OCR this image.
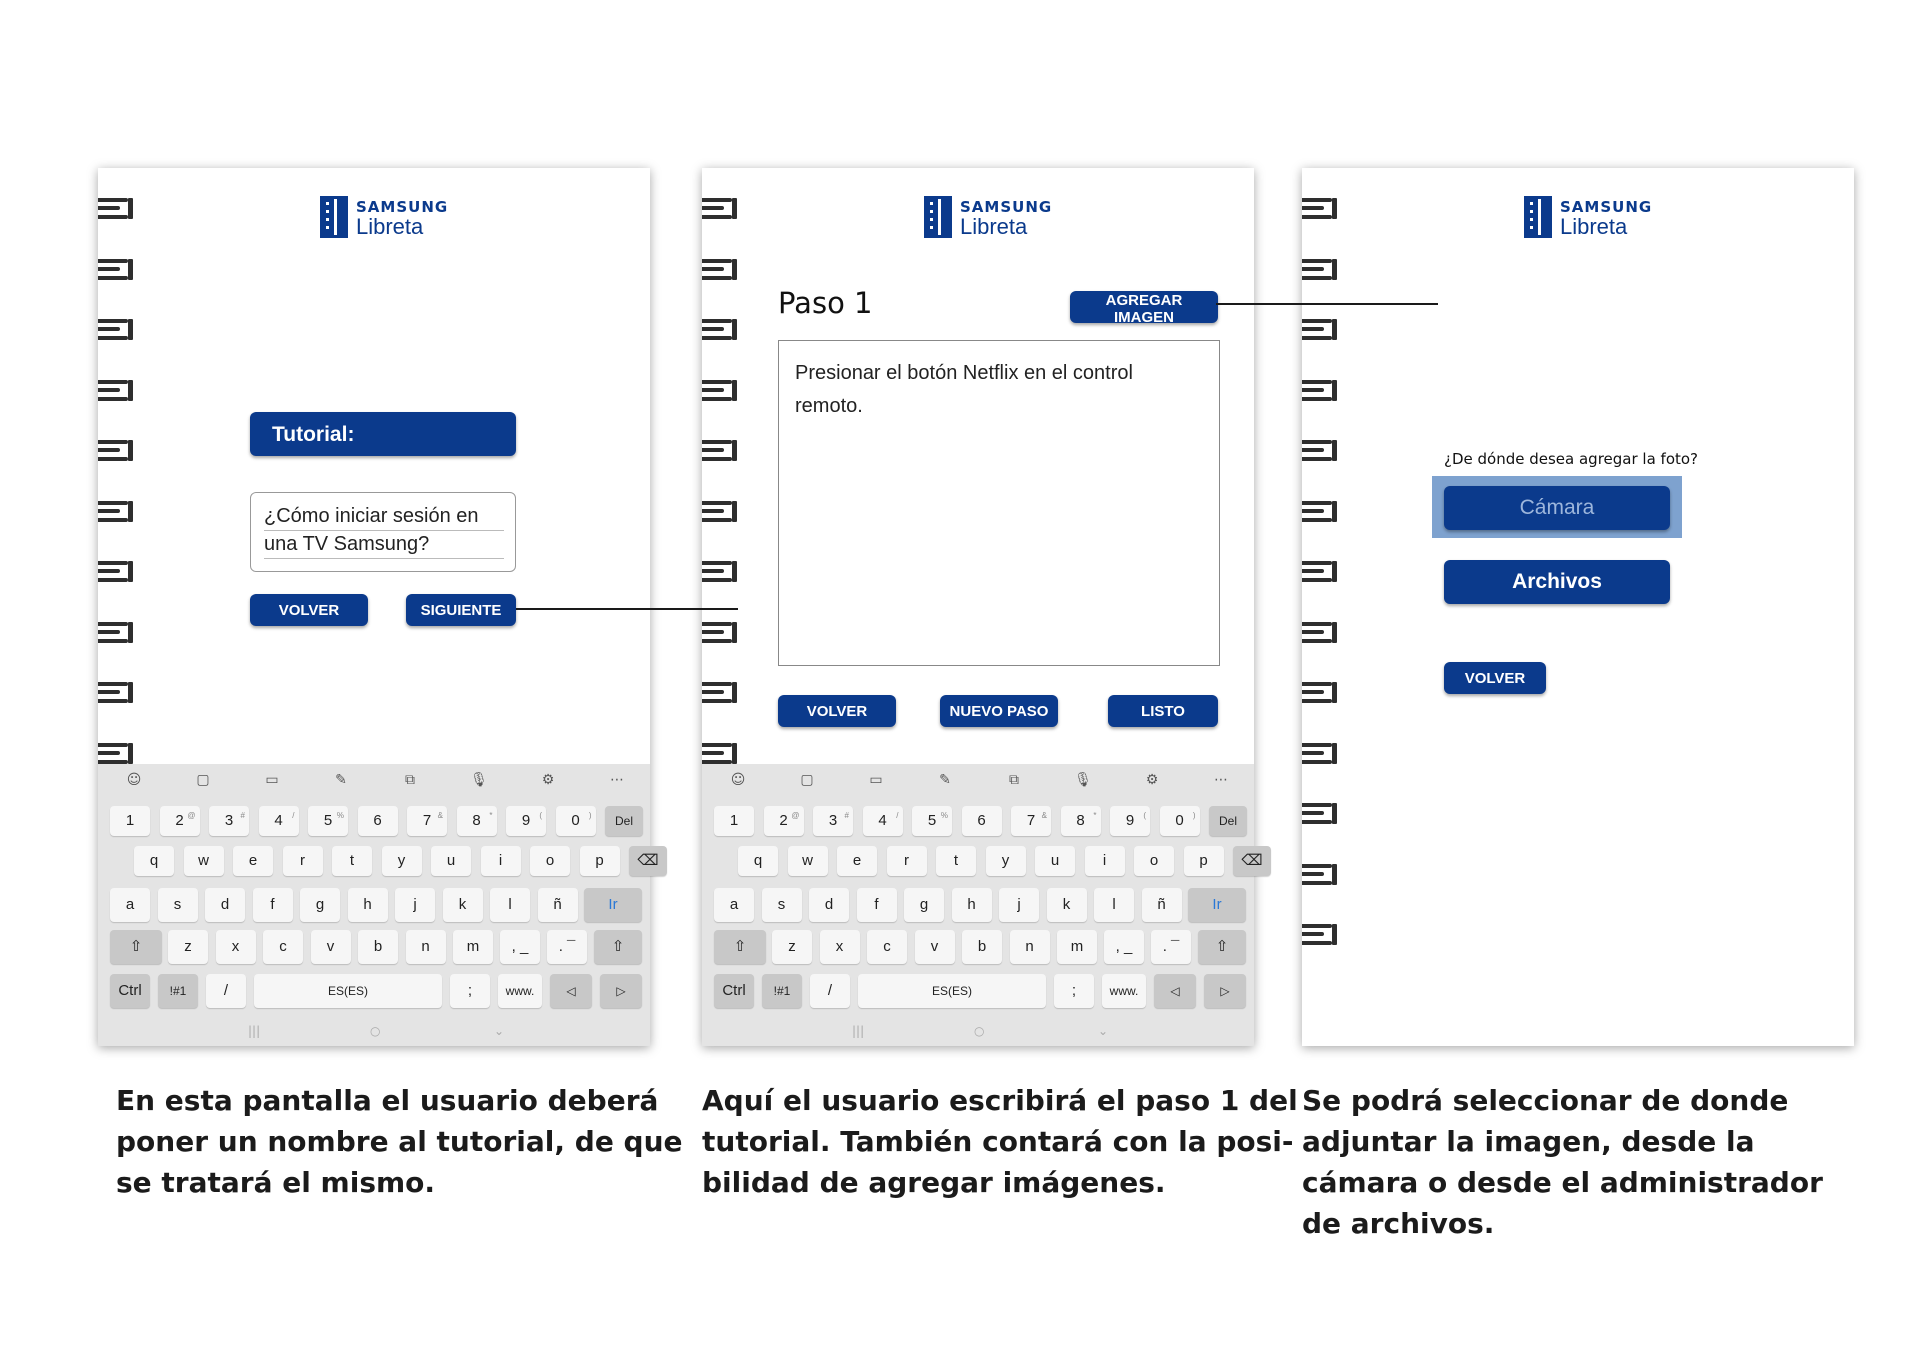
SAMSUNG
Libreta
Tutorial:
¿Cómo iniciar sesión en
una TV Samsung?
VOLVER	SIGUIENTE
☺	▢	▭	✎	⧉	🎙	⚙	⋯
1	2 @	3 #	4 /	5 %	6	7 &	8 *	9 (	0 )	Del
q	w	e	r	t	y	u	i	o	p	⌫
a	s	d	f	g	h	j	k	l	ñ	Ir
⇧	z	x	c	v	b	n	m	, _	. ¯	⇧
Ctrl	!#1	/	ES(ES)	;	www.	◁	▷
|||	○	⌄
SAMSUNG
Libreta
Paso 1	AGREGAR IMAGEN
Presionar el botón Netflix en el control
remoto.
VOLVER	NUEVO PASO	LISTO
☺	▢	▭	✎	⧉	🎙	⚙	⋯
1	2 @	3 #	4 /	5 %	6	7 &	8 *	9 (	0 )	Del
q	w	e	r	t	y	u	i	o	p	⌫
a	s	d	f	g	h	j	k	l	ñ	Ir
⇧	z	x	c	v	b	n	m	, _	. ¯	⇧
Ctrl	!#1	/	ES(ES)	;	www.	◁	▷
|||	○	⌄
SAMSUNG
Libreta
¿De dónde desea agregar la foto?
Cámara
Archivos
VOLVER
En esta pantalla el usuario deberá
poner un nombre al tutorial, de que
se tratará el mismo.
Aquí el usuario escribirá el paso 1 del
tutorial. También contará con la posi-
bilidad de agregar imágenes.
Se podrá seleccionar de donde
adjuntar la imagen, desde la
cámara o desde el administrador
de archivos.
